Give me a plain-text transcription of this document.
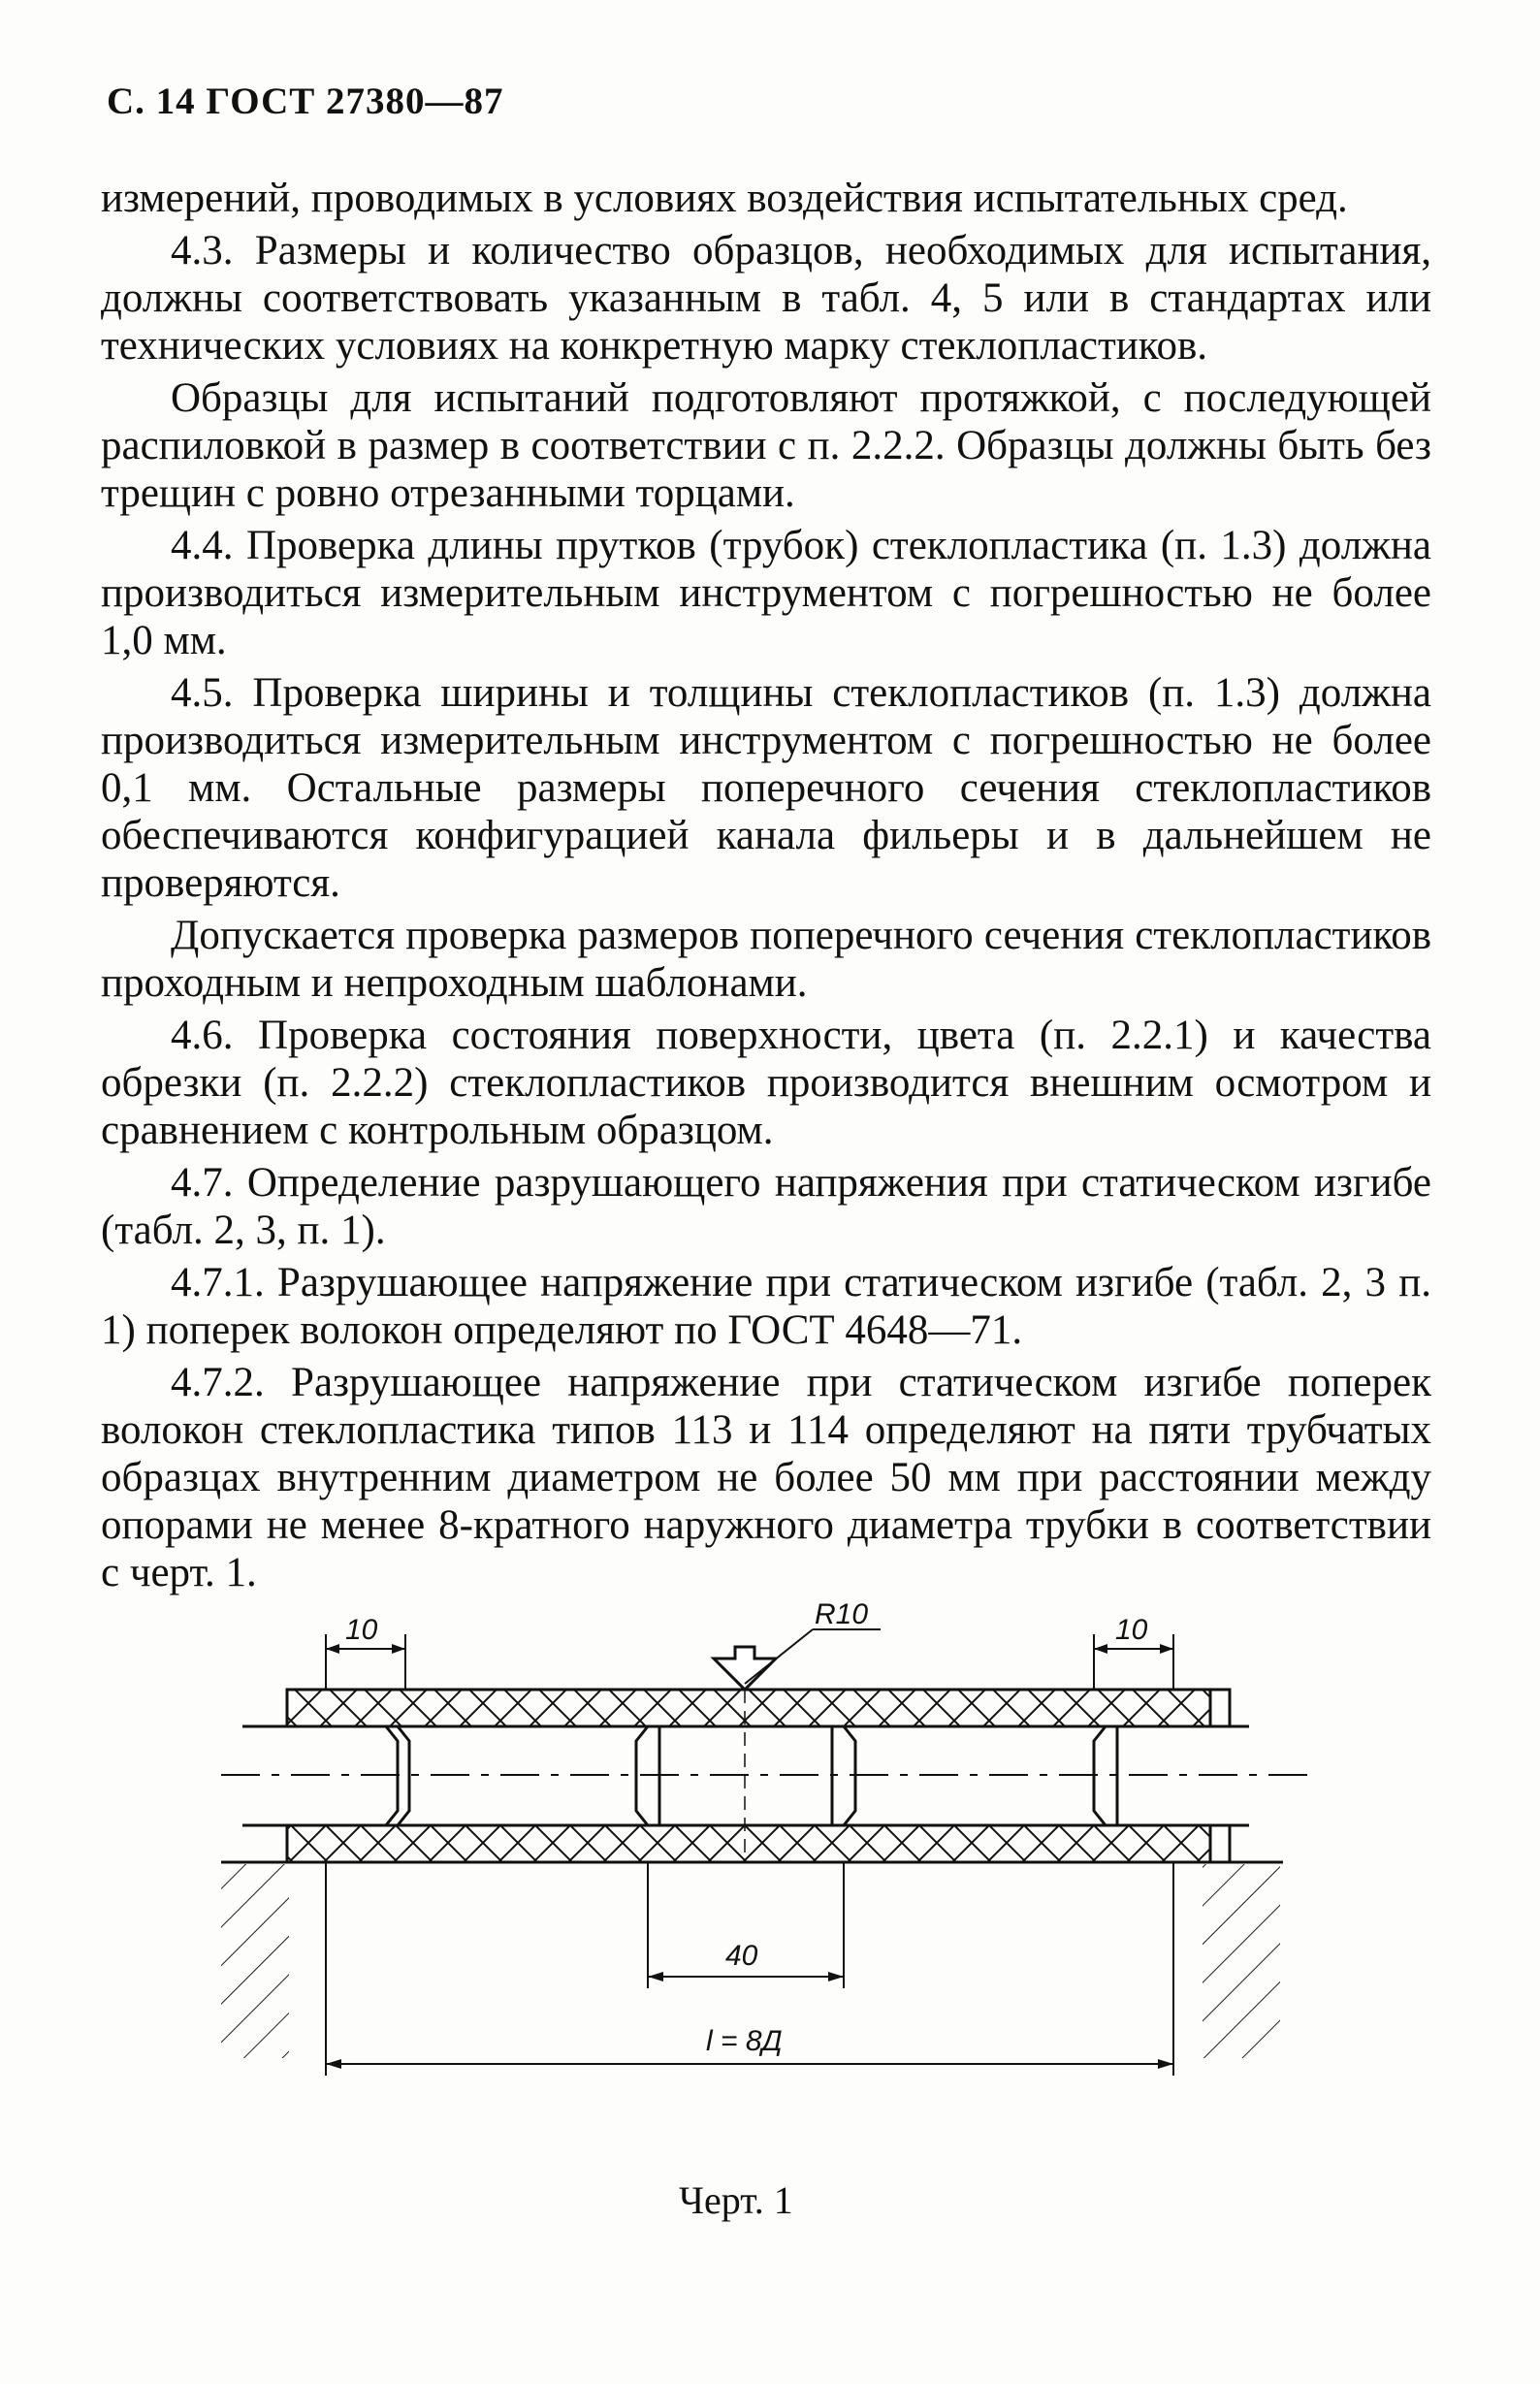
С. 14 ГОСТ 27380—87

измерений, проводимых в условиях воздействия испытательных сред.

4.3. Размеры и количество образцов, необходимых для испытания, должны соответствовать указанным в табл. 4, 5 или в стандартах или технических условиях на конкретную марку стеклопластиков.

Образцы для испытаний подготовляют протяжкой, с последующей распиловкой в размер в соответствии с п. 2.2.2. Образцы должны быть без трещин с ровно отрезанными торцами.

4.4. Проверка длины прутков (трубок) стеклопластика (п. 1.3) должна производиться измерительным инструментом с погрешностью не более 1,0 мм.

4.5. Проверка ширины и толщины стеклопластиков (п. 1.3) должна производиться измерительным инструментом с погрешностью не более 0,1 мм. Остальные размеры поперечного сечения стеклопластиков обеспечиваются конфигурацией канала фильеры и в дальнейшем не проверяются.

Допускается проверка размеров поперечного сечения стеклопластиков проходным и непроходным шаблонами.

4.6. Проверка состояния поверхности, цвета (п. 2.2.1) и качества обрезки (п. 2.2.2) стеклопластиков производится внешним осмотром и сравнением с контрольным образцом.

4.7. Определение разрушающего напряжения при статическом изгибе (табл. 2, 3, п. 1).

4.7.1. Разрушающее напряжение при статическом изгибе (табл. 2, 3 п. 1) поперек волокон определяют по ГОСТ 4648—71.

4.7.2. Разрушающее напряжение при статическом изгибе поперек волокон стеклопластика типов 113 и 114 определяют на пяти трубчатых образцах внутренним диаметром не более 50 мм при расстоянии между опорами не менее 8-кратного наружного диаметра трубки в соответствии с черт. 1.

R10
10	10
40
l = 8Д
Черт. 1
